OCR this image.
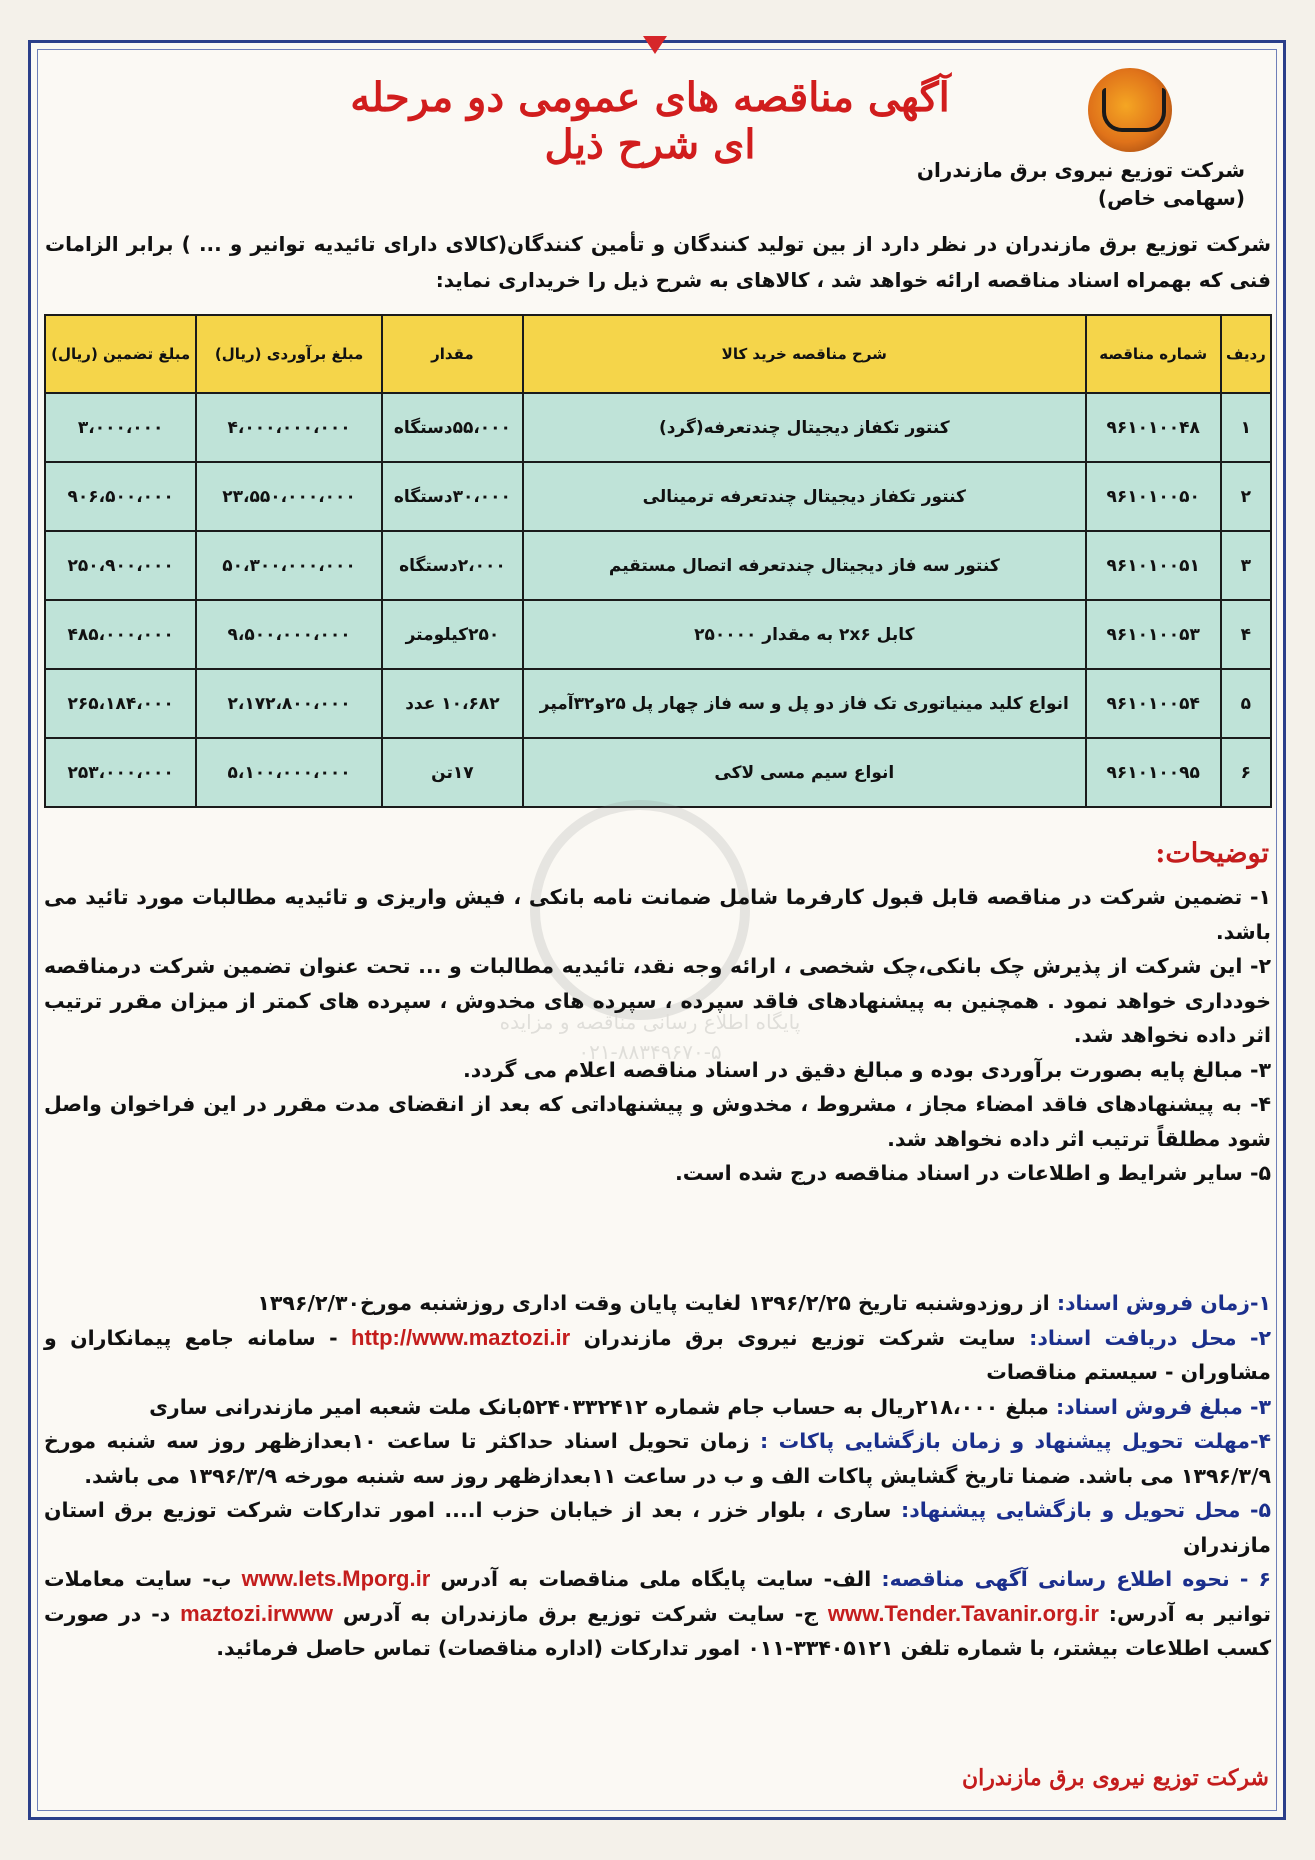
شرکت توزیع نیروی برق مازندران
(سهامی خاص)
آگهی مناقصه های عمومی دو مرحله ای شرح ذیل
شرکت توزیع برق مازندران در نظر دارد از بین تولید کنندگان و تأمین کنندگان(کالای دارای تائیدیه توانیر و ... ) برابر الزامات فنی که بهمراه اسناد مناقصه ارائه خواهد شد ، کالاهای به شرح ذیل را خریداری نماید:
ردیف	شماره مناقصه	شرح مناقصه خرید کالا	مقدار	مبلغ برآوردی (ریال)	مبلغ تضمین (ریال)
۱	۹۶۱۰۱۰۰۴۸	کنتور تکفاز دیجیتال چندتعرفه(گرد)	۵۵،۰۰۰دستگاه	۴،۰۰۰،۰۰۰،۰۰۰	۳،۰۰۰،۰۰۰
۲	۹۶۱۰۱۰۰۵۰	کنتور تکفاز دیجیتال چندتعرفه ترمینالی	۳۰،۰۰۰دستگاه	۲۳،۵۵۰،۰۰۰،۰۰۰	۹۰۶،۵۰۰،۰۰۰
۳	۹۶۱۰۱۰۰۵۱	کنتور سه فاز دیجیتال چندتعرفه اتصال مستقیم	۲،۰۰۰دستگاه	۵۰،۳۰۰،۰۰۰،۰۰۰	۲۵۰،۹۰۰،۰۰۰
۴	۹۶۱۰۱۰۰۵۳	کابل ۲x۶ به مقدار ۲۵۰۰۰۰	۲۵۰کیلومتر	۹،۵۰۰،۰۰۰،۰۰۰	۴۸۵،۰۰۰،۰۰۰
۵	۹۶۱۰۱۰۰۵۴	انواع کلید مینیاتوری تک فاز دو پل و سه فاز چهار پل ۲۵و۳۲آمپر	۱۰،۶۸۲ عدد	۲،۱۷۲،۸۰۰،۰۰۰	۲۶۵،۱۸۴،۰۰۰
۶	۹۶۱۰۱۰۰۹۵	انواع سیم مسی لاکی	۱۷تن	۵،۱۰۰،۰۰۰،۰۰۰	۲۵۳،۰۰۰،۰۰۰
پایگاه اطلاع رسانی مناقصه و مزایده
۰۲۱-۸۸۳۴۹۶۷۰-۵
توضیحات:

۱- تضمین شرکت در مناقصه قابل قبول کارفرما شامل ضمانت نامه بانکی ، فیش واریزی و تائیدیه مطالبات مورد تائید می باشد.

۲- این شرکت از پذیرش چک بانکی،چک شخصی ، ارائه وجه نقد، تائیدیه مطالبات و ... تحت عنوان تضمین شرکت درمناقصه خودداری خواهد نمود . همچنین به پیشنهادهای فاقد سپرده ، سپرده های مخدوش ، سپرده های کمتر از میزان مقرر ترتیب اثر داده نخواهد شد.

۳- مبالغ پایه بصورت برآوردی بوده و مبالغ دقیق در اسناد مناقصه اعلام می گردد.

۴- به پیشنهادهای فاقد امضاء مجاز ، مشروط ، مخدوش و پیشنهاداتی که بعد از انقضای مدت مقرر در این فراخوان واصل شود مطلقاً ترتیب اثر داده نخواهد شد.

۵- سایر شرایط و اطلاعات در اسناد مناقصه درج شده است.

۱-زمان فروش اسناد: از روزدوشنبه تاریخ ۱۳۹۶/۲/۲۵ لغایت پایان وقت اداری روزشنبه مورخ۱۳۹۶/۲/۳۰

۲- محل دریافت اسناد: سایت شرکت توزیع نیروی برق مازندران http://www.maztozi.ir - سامانه جامع پیمانکاران و مشاوران - سیستم مناقصات

۳- مبلغ فروش اسناد: مبلغ ۲۱۸،۰۰۰ریال به حساب جام شماره ۵۲۴۰۳۳۲۴۱۲بانک ملت شعبه امیر مازندرانی ساری

۴-مهلت تحویل پیشنهاد و زمان بازگشایی پاکات : زمان تحویل اسناد حداکثر تا ساعت ۱۰بعدازظهر روز سه شنبه مورخ ۱۳۹۶/۳/۹ می باشد. ضمنا تاریخ گشایش پاکات الف و ب در ساعت ۱۱بعدازظهر روز سه شنبه مورخه ۱۳۹۶/۳/۹ می باشد.

۵- محل تحویل و بازگشایی پیشنهاد: ساری ، بلوار خزر ، بعد از خیابان حزب ا.... امور تدارکات شرکت توزیع برق استان مازندران

۶ - نحوه اطلاع رسانی آگهی مناقصه: الف- سایت پایگاه ملی مناقصات به آدرس www.Iets.Mporg.ir ب- سایت معاملات توانیر به آدرس: www.Tender.Tavanir.org.ir ج- سایت شرکت توزیع برق مازندران به آدرس maztozi.irwww د- در صورت کسب اطلاعات بیشتر، با شماره تلفن ۳۳۴۰۵۱۲۱-۰۱۱ امور تدارکات (اداره مناقصات) تماس حاصل فرمائید.

شرکت توزیع نیروی برق مازندران
